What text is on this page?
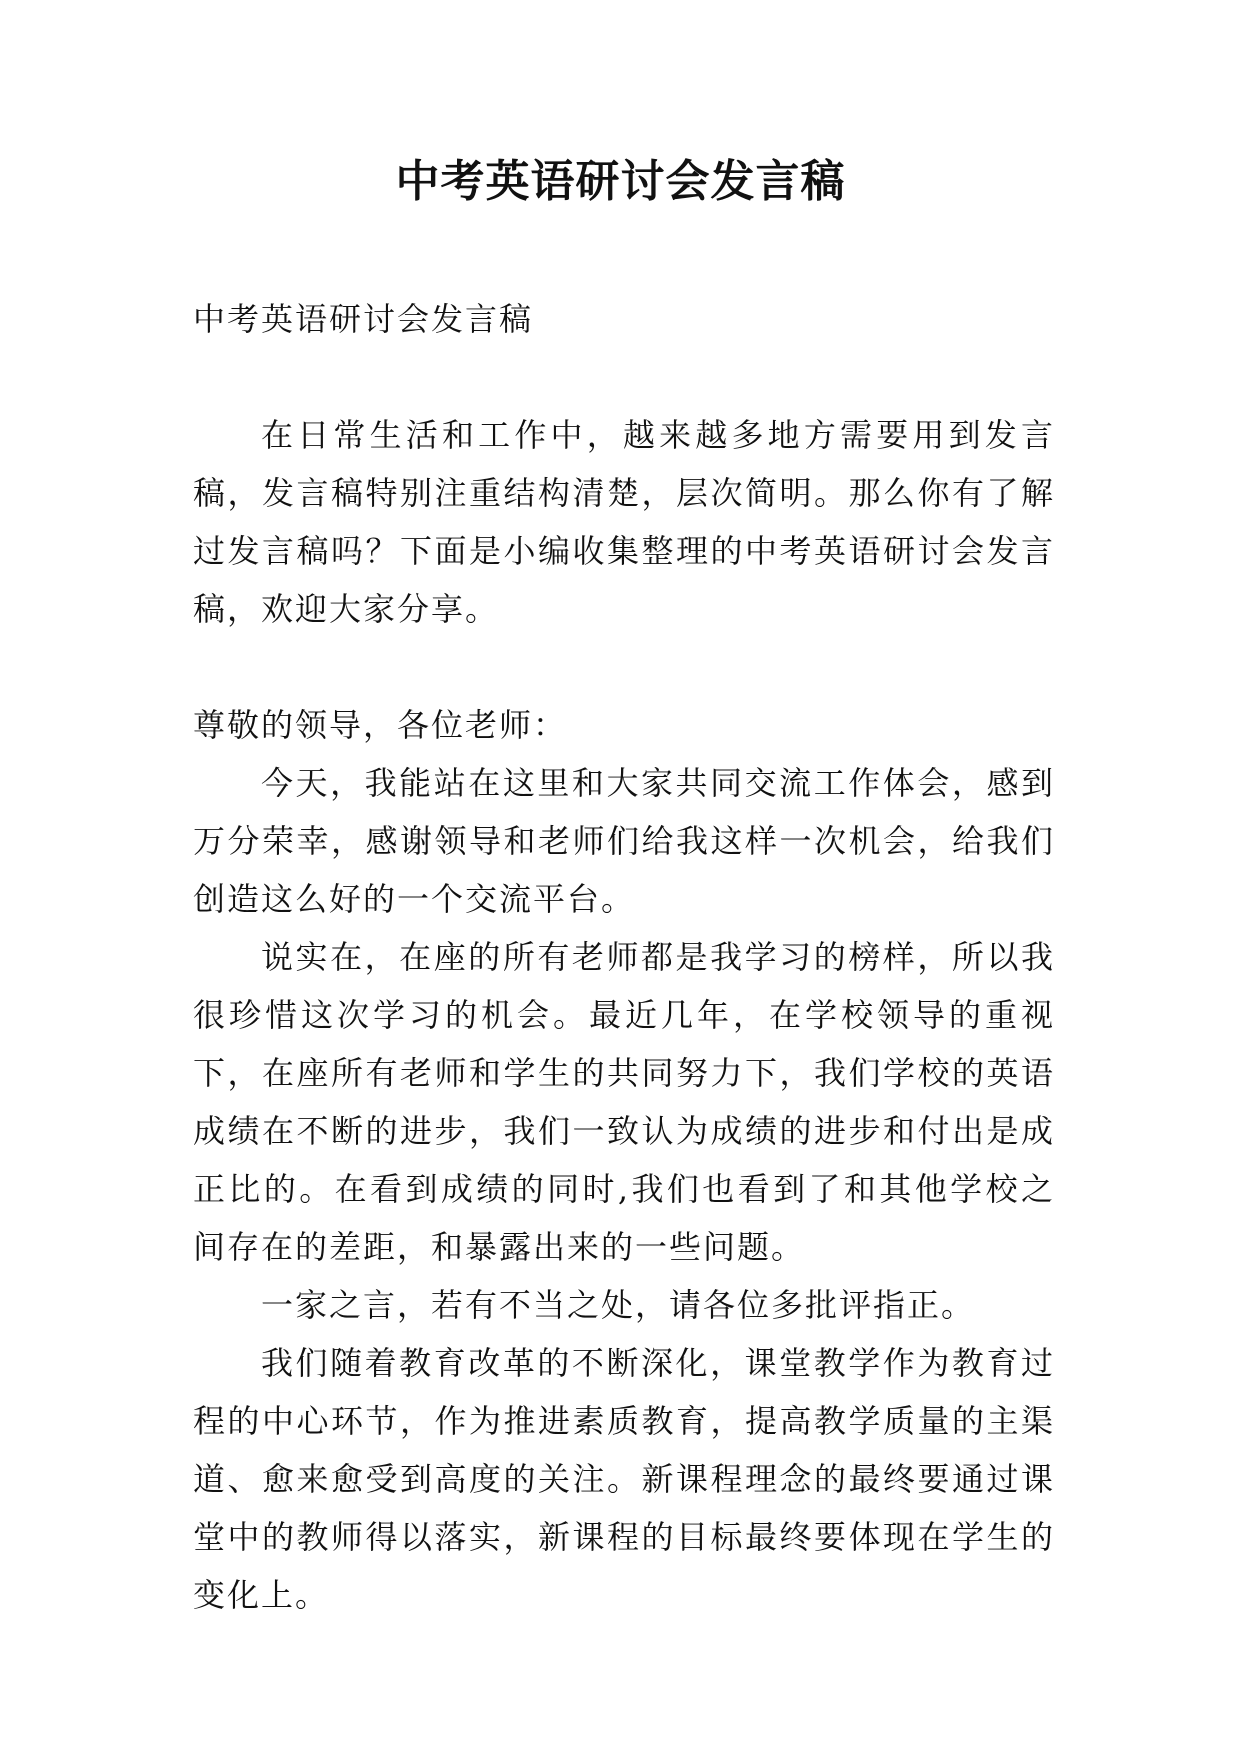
中考英语研讨会发言稿

中考英语研讨会发言稿

在日常生活和工作中，越来越多地方需要用到发言稿，发言稿特别注重结构清楚，层次简明。那么你有了解过发言稿吗？下面是小编收集整理的中考英语研讨会发言稿，欢迎大家分享。

尊敬的领导，各位老师：

今天，我能站在这里和大家共同交流工作体会，感到万分荣幸，感谢领导和老师们给我这样一次机会，给我们创造这么好的一个交流平台。

说实在，在座的所有老师都是我学习的榜样，所以我很珍惜这次学习的机会。最近几年，在学校领导的重视下，在座所有老师和学生的共同努力下，我们学校的英语成绩在不断的进步，我们一致认为成绩的进步和付出是成正比的。在看到成绩的同时,我们也看到了和其他学校之间存在的差距，和暴露出来的一些问题。

一家之言，若有不当之处，请各位多批评指正。

我们随着教育改革的不断深化，课堂教学作为教育过程的中心环节，作为推进素质教育，提高教学质量的主渠道、愈来愈受到高度的关注。新课程理念的最终要通过课堂中的教师得以落实，新课程的目标最终要体现在学生的变化上。
